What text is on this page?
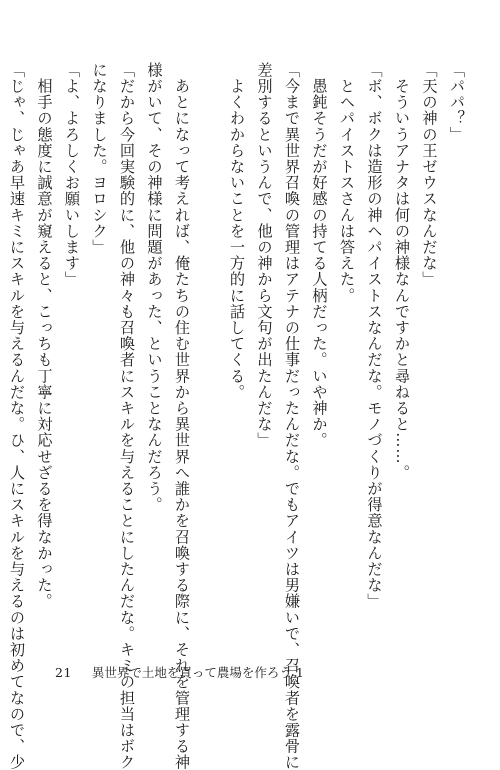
「パパ？」
「天の神の王ゼウスなんだな」
　そういうアナタは何の神様なんですかと尋ねると……。
「ボ、ボクは造形の神ヘパイストスなんだな。モノづくりが得意なんだな」
　とヘパイストスさんは答えた。
　愚鈍そうだが好感の持てる人柄だった。いや神か。
「今まで異世界召喚の管理はアテナの仕事だったんだな。でもアイツは男嫌いで、召喚者を露骨に
差別するというんで、他の神から文句が出たんだな」
　よくわからないことを一方的に話してくる。
　あとになって考えれば、俺たちの住む世界から異世界へ誰かを召喚する際に、それを管理する神
様がいて、その神様に問題があった、ということなんだろう。
「だから今回実験的に、他の神々も召喚者にスキルを与えることにしたんだな。キミの担当はボク
になりました。ヨロシク」
「よ、よろしくお願いします」
　相手の態度に誠意が窺えると、こっちも丁寧に対応せざるを得なかった。
「じゃ、じゃあ早速キミにスキルを与えるんだな。ひ、人にスキルを与えるのは初めてなので、少	21 異世界で土地を買って農場を作ろう 1
